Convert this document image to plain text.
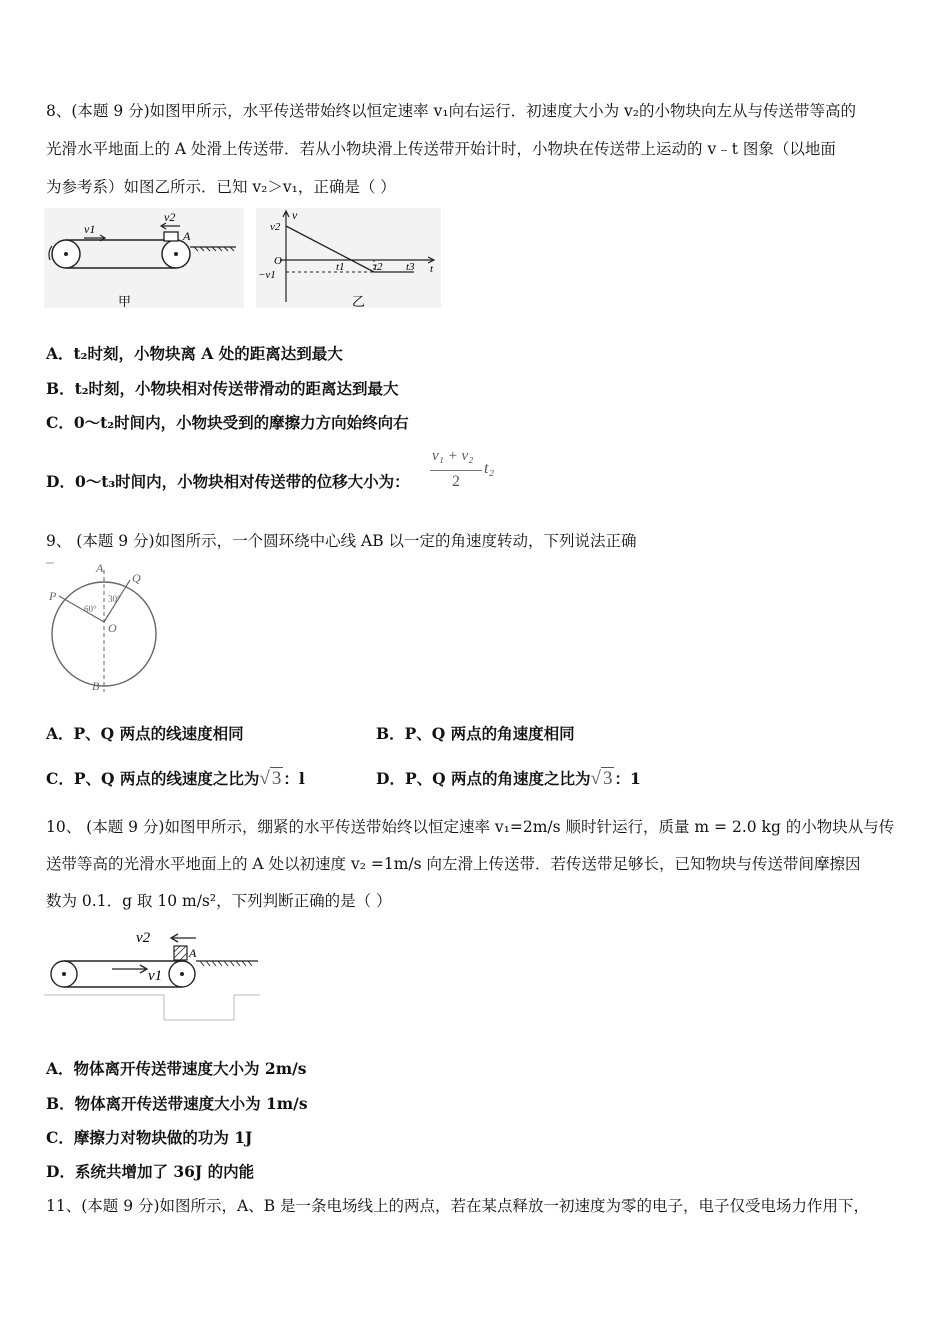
8、(本题 9 分)如图甲所示，水平传送带始终以恒定速率 v₁向右运行．初速度大小为 v₂的小物块向左从与传送带等高的
光滑水平地面上的 A 处滑上传送带．若从小物块滑上传送带开始计时，小物块在传送带上运动的 v﹣t 图象（以地面
为参考系）如图乙所示．已知 v₂＞v₁，正确是（ ）
v1
v2
A
甲
v
v2
O
−v1
t1	t2 t3 t
乙
A．t₂时刻，小物块离 A 处的距离达到最大
B．t₂时刻，小物块相对传送带滑动的距离达到最大
C．0～t₂时间内，小物块受到的摩擦力方向始终向右
D．0～t₃时间内，小物块相对传送带的位移大小为：
v₁ + v₂
2
t₂
9、 (本题 9 分)如图所示，一个圆环绕中心线 AB 以一定的角速度转动，下列说法正确
A
B
P
Q
O
60°
30°
A．P、Q 两点的线速度相同	B．P、Q 两点的角速度相同
C．P、Q 两点的线速度之比为√ 3 ：l	D．P、Q 两点的角速度之比为√ 3 ：1
10、 (本题 9 分)如图甲所示，绷紧的水平传送带始终以恒定速率 v₁=2m/s 顺时针运行，质量 m = 2.0 kg 的小物块从与传
送带等高的光滑水平地面上的 A 处以初速度 v₂ =1m/s 向左滑上传送带．若传送带足够长，已知物块与传送带间摩擦因
数为 0.1．g 取 10 m/s²，下列判断正确的是（ ）
v1
v2
A
A．物体离开传送带速度大小为 2m/s
B．物体离开传送带速度大小为 1m/s
C．摩擦力对物块做的功为 1J
D．系统共增加了 36J 的内能
11、(本题 9 分)如图所示，A、B 是一条电场线上的两点，若在某点释放一初速度为零的电子，电子仅受电场力作用下，
